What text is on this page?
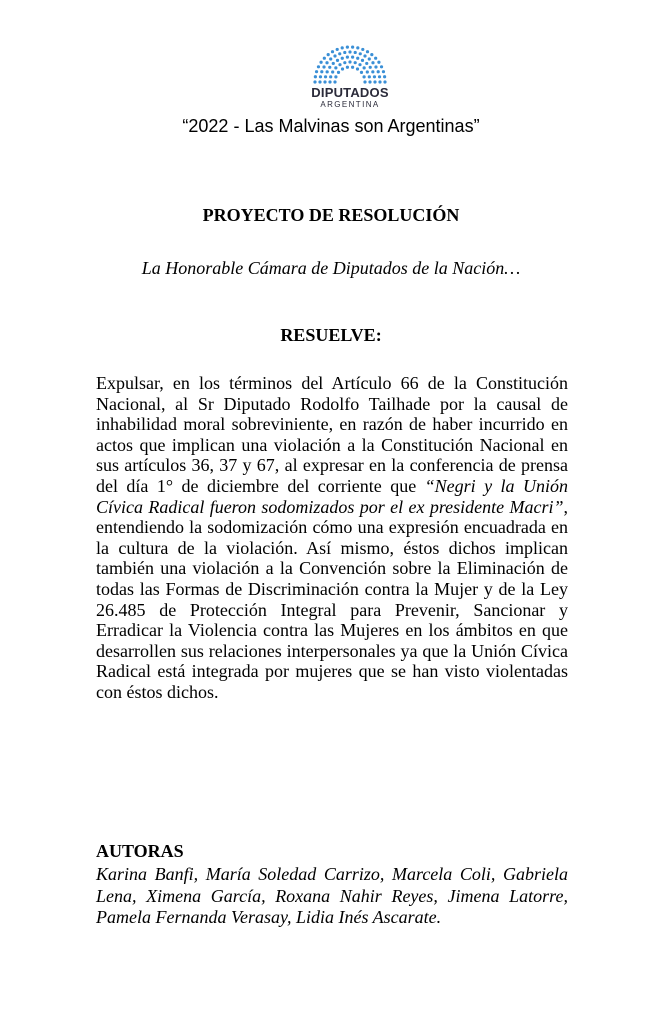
DIPUTADOS
ARGENTINA
“2022 - Las Malvinas son Argentinas”
PROYECTO DE RESOLUCIÓN
La Honorable Cámara de Diputados de la Nación…
RESUELVE:
Expulsar, en los términos del Artículo 66 de la Constitución Nacional, al Sr Diputado Rodolfo Tailhade por la causal de inhabilidad moral sobreviniente, en razón de haber incurrido en actos que implican una violación a la Constitución Nacional en sus artículos 36, 37 y 67, al expresar en la conferencia de prensa del día 1° de diciembre del corriente que “Negri y la Unión Cívica Radical fueron sodomizados por el ex presidente Macri”, entendiendo la sodomización cómo una expresión encuadrada en la cultura de la violación. Así mismo, éstos dichos implican también una violación a la Convención sobre la Eliminación de todas las Formas de Discriminación contra la Mujer y de la Ley 26.485 de Protección Integral para Prevenir, Sancionar y Erradicar la Violencia contra las Mujeres en los ámbitos en que desarrollen sus relaciones interpersonales ya que la Unión Cívica Radical está integrada por mujeres que se han visto violentadas con éstos dichos.
AUTORAS
Karina Banfi, María Soledad Carrizo, Marcela Coli, Gabriela Lena, Ximena García, Roxana Nahir Reyes, Jimena Latorre, Pamela Fernanda Verasay, Lidia Inés Ascarate.
